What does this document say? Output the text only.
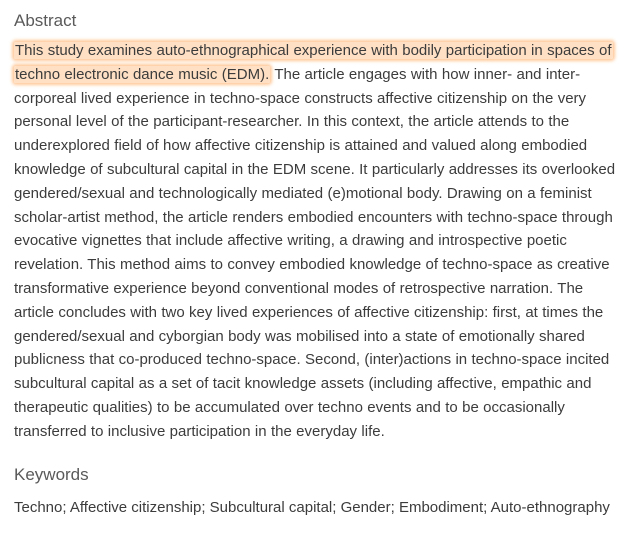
Abstract

This study examines auto-ethnographical experience with bodily participation in spaces of techno electronic dance music (EDM). The article engages with how inner- and inter-corporeal lived experience in techno-space constructs affective citizenship on the very personal level of the participant-researcher. In this context, the article attends to the underexplored field of how affective citizenship is attained and valued along embodied knowledge of subcultural capital in the EDM scene. It particularly addresses its overlooked gendered/sexual and technologically mediated (e)motional body. Drawing on a feminist scholar-artist method, the article renders embodied encounters with techno-space through evocative vignettes that include affective writing, a drawing and introspective poetic revelation. This method aims to convey embodied knowledge of techno-space as creative transformative experience beyond conventional modes of retrospective narration. The article concludes with two key lived experiences of affective citizenship: first, at times the gendered/sexual and cyborgian body was mobilised into a state of emotionally shared publicness that co-produced techno-space. Second, (inter)actions in techno-space incited subcultural capital as a set of tacit knowledge assets (including affective, empathic and therapeutic qualities) to be accumulated over techno events and to be occasionally transferred to inclusive participation in the everyday life.

Keywords

Techno; Affective citizenship; Subcultural capital; Gender; Embodiment; Auto-ethnography
